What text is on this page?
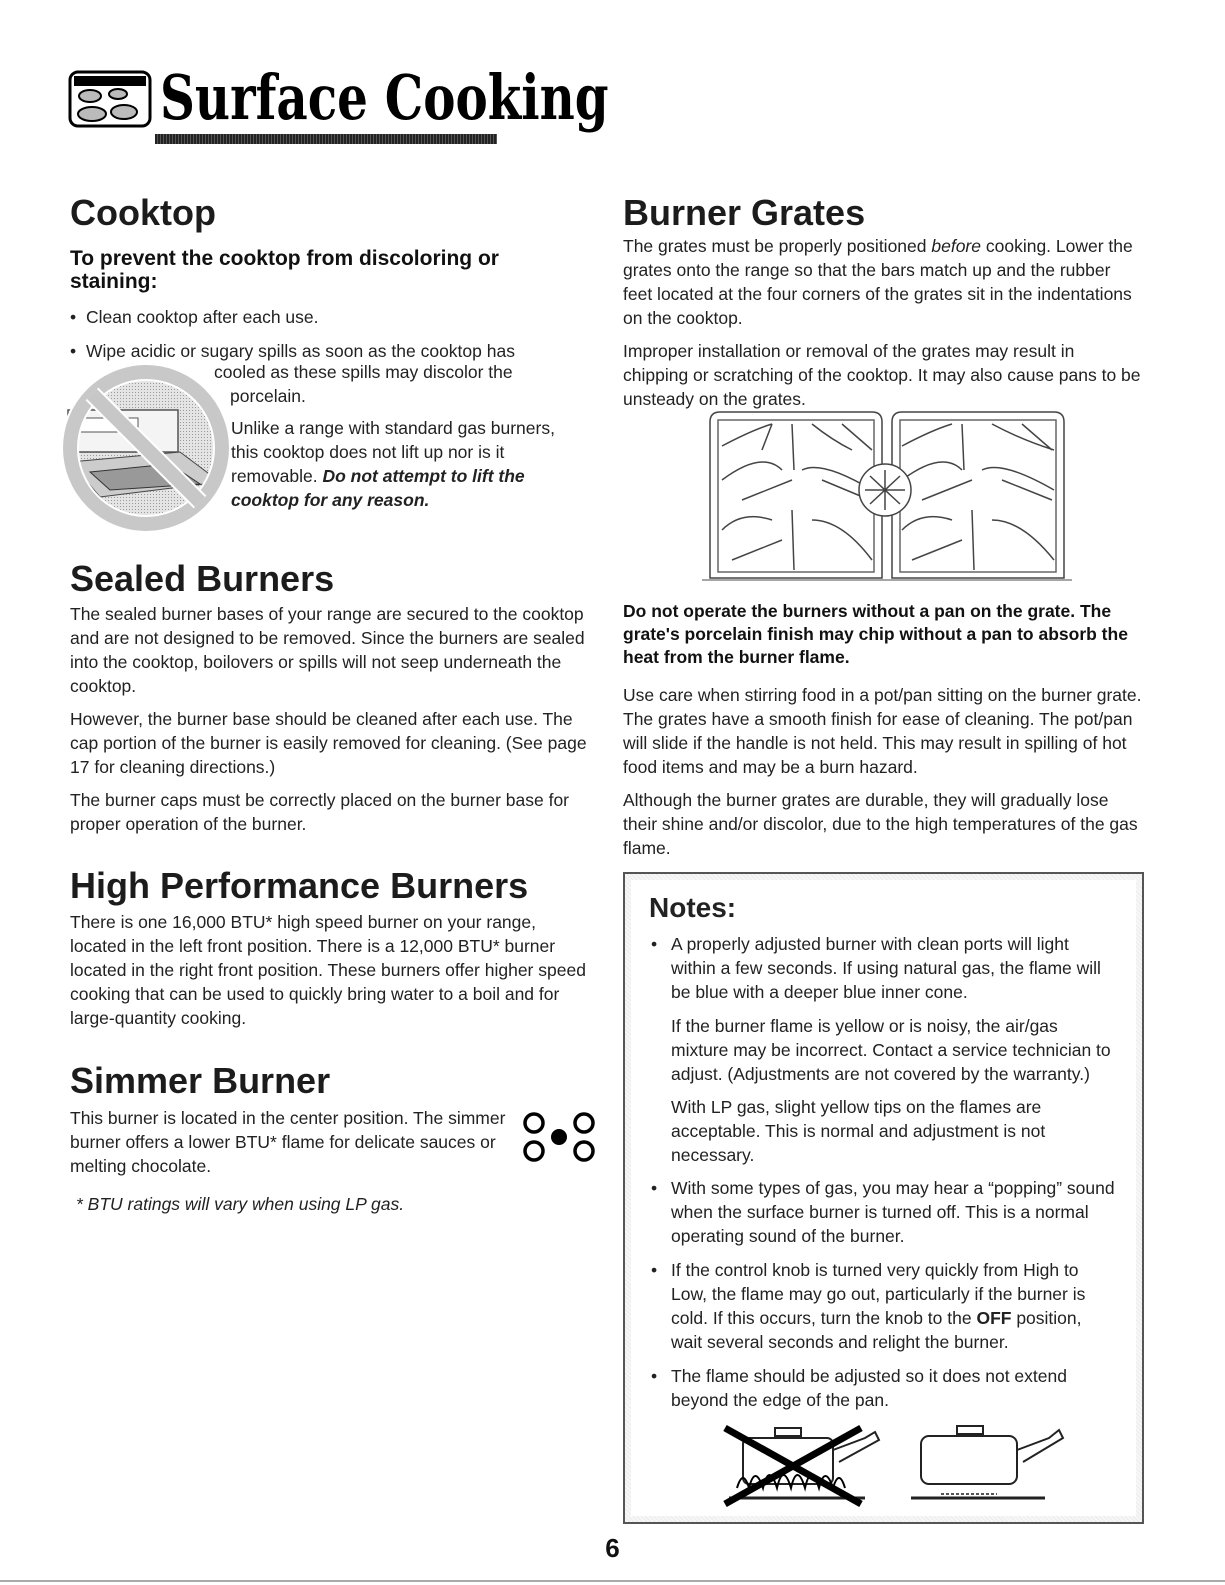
Surface Cooking
Cooktop
To prevent the cooktop from discoloring or staining:
• Clean cooktop after each use.
• Wipe acidic or sugary spills as soon as the cooktop has
cooled as these spills may discolor the
porcelain.
Unlike a range with standard gas burners,
this cooktop does not lift up nor is it
removable. Do not attempt to lift the
cooktop for any reason.
Sealed Burners

The sealed burner bases of your range are secured to the cooktop and are not designed to be removed. Since the burners are sealed into the cooktop, boilovers or spills will not seep underneath the cooktop.

However, the burner base should be cleaned after each use. The cap portion of the burner is easily removed for cleaning. (See page 17 for cleaning directions.)

The burner caps must be correctly placed on the burner base for proper operation of the burner.

High Performance Burners

There is one 16,000 BTU* high speed burner on your range, located in the left front position. There is a 12,000 BTU* burner located in the right front position. These burners offer higher speed cooking that can be used to quickly bring water to a boil and for large-quantity cooking.

Simmer Burner

This burner is located in the center position. The simmer burner offers a lower BTU* flame for delicate sauces or melting chocolate.

* BTU ratings will vary when using LP gas.

Burner Grates

The grates must be properly positioned before cooking. Lower the grates onto the range so that the bars match up and the rubber feet located at the four corners of the grates sit in the indentations on the cooktop.

Improper installation or removal of the grates may result in chipping or scratching of the cooktop. It may also cause pans to be unsteady on the grates.

Do not operate the burners without a pan on the grate. The grate's porcelain finish may chip without a pan to absorb the heat from the burner flame.

Use care when stirring food in a pot/pan sitting on the burner grate. The grates have a smooth finish for ease of cleaning. The pot/pan will slide if the handle is not held. This may result in spilling of hot food items and may be a burn hazard.

Although the burner grates are durable, they will gradually lose their shine and/or discolor, due to the high temperatures of the gas flame.

Notes:
• A properly adjusted burner with clean ports will light within a few seconds. If using natural gas, the flame will be blue with a deeper blue inner cone.

If the burner flame is yellow or is noisy, the air/gas mixture may be incorrect. Contact a service technician to adjust. (Adjustments are not covered by the warranty.)

With LP gas, slight yellow tips on the flames are acceptable. This is normal and adjustment is not necessary.

• With some types of gas, you may hear a “popping” sound when the surface burner is turned off. This is a normal operating sound of the burner.
• If the control knob is turned very quickly from High to Low, the flame may go out, particularly if the burner is cold. If this occurs, turn the knob to the OFF position, wait several seconds and relight the burner.
• The flame should be adjusted so it does not extend beyond the edge of the pan.
6
